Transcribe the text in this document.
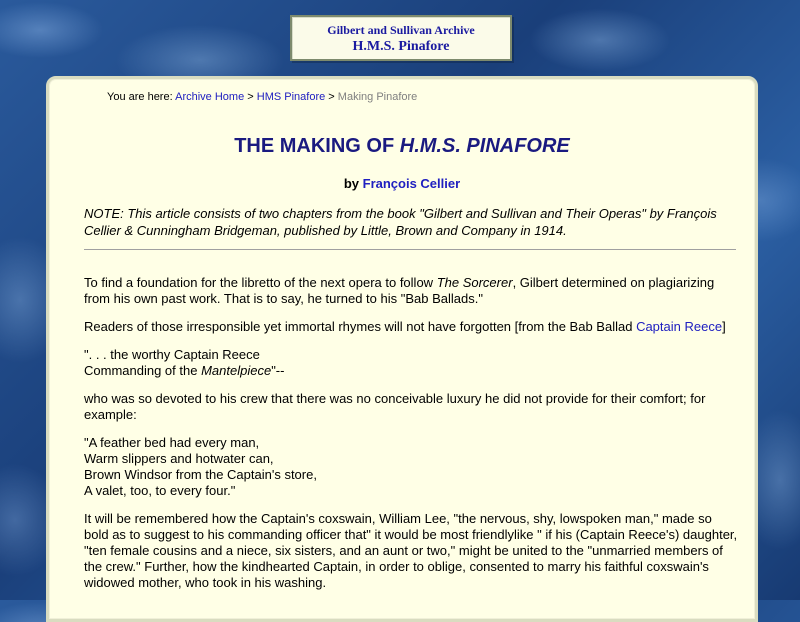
Gilbert and Sullivan Archive
H.M.S. Pinafore
You are here: Archive Home > HMS Pinafore > Making Pinafore
THE MAKING OF H.M.S. PINAFORE
by François Cellier
NOTE: This article consists of two chapters from the book "Gilbert and Sullivan and Their Operas" by François Cellier & Cunningham Bridgeman, published by Little, Brown and Company in 1914.

To find a foundation for the libretto of the next opera to follow The Sorcerer, Gilbert determined on plagiarizing from his own past work. That is to say, he turned to his "Bab Ballads."

Readers of those irresponsible yet immortal rhymes will not have forgotten [from the Bab Ballad Captain Reece]

". . . the worthy Captain Reece
Commanding of the Mantelpiece"--

who was so devoted to his crew that there was no conceivable luxury he did not provide for their comfort; for example:

"A feather bed had every man,
Warm slippers and hotwater can,
Brown Windsor from the Captain's store,
A valet, too, to every four."

It will be remembered how the Captain's coxswain, William Lee, "the nervous, shy, lowspoken man," made so bold as to suggest to his commanding officer that" it would be most friendlylike " if his (Captain Reece's) daughter, "ten female cousins and a niece, six sisters, and an aunt or two," might be united to the "unmarried members of the crew." Further, how the kindhearted Captain, in order to oblige, consented to marry his faithful coxswain's widowed mother, who took in his washing.
